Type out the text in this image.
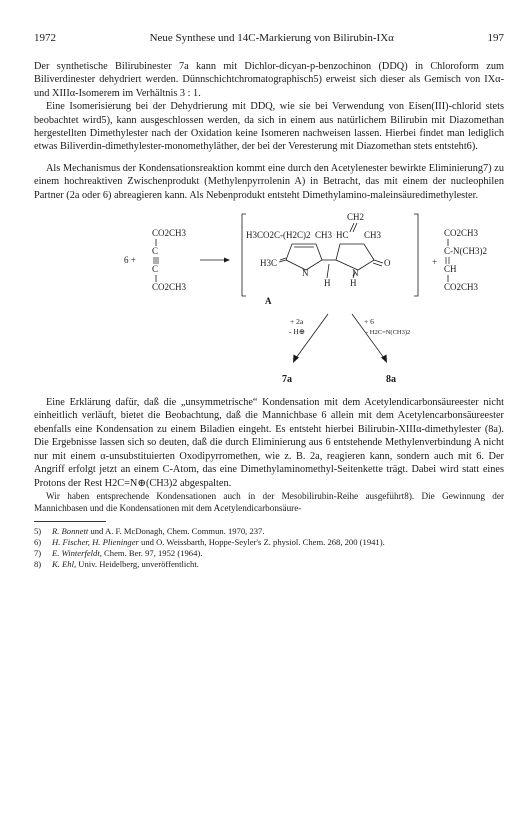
1972	Neue Synthese und 14C-Markierung von Bilirubin-IXα	197

Der synthetische Bilirubinester 7a kann mit Dichlor-dicyan-p-benzochinon (DDQ) in Chloroform zum Biliverdinester dehydriert werden. Dünnschichtchromatographisch5) erweist sich dieser als Gemisch von IXα- und XIIIα-Isomerem im Verhältnis 3 : 1.

Eine Isomerisierung bei der Dehydrierung mit DDQ, wie sie bei Verwendung von Eisen(III)-chlorid stets beobachtet wird5), kann ausgeschlossen werden, da sich in einem aus natürlichem Bilirubin mit Diazomethan hergestellten Dimethylester nach der Oxidation keine Isomeren nachweisen lassen. Hierbei findet man lediglich etwas Biliverdin-dimethylester-monomethyläther, der bei der Veresterung mit Diazomethan stets entsteht6).

Als Mechanismus der Kondensationsreaktion kommt eine durch den Acetylenester bewirkte Eliminierung7) zu einem hochreaktiven Zwischenprodukt (Methylenpyrrolenin A) in Betracht, das mit einem der nucleophilen Partner (2a oder 6) abreagieren kann. Als Nebenprodukt entsteht Dimethylamino-maleinsäuredimethylester.

CO2CH3
C
C
CO2CH3
6 +
H3CO2C-(H2C)2 CH3 HC CH3
CH2
H3C
N	N
O
H H
A
+
CO2CH3
C-N(CH3)2
CH
CO2CH3
+ 2a
- H⊕
+ 6
- H2C=N(CH3)2
7a	8a

Eine Erklärung dafür, daß die „unsymmetrische“ Kondensation mit dem Acetylendicarbonsäureester nicht einheitlich verläuft, bietet die Beobachtung, daß die Mannichbase 6 allein mit dem Acetylencarbonsäureester ebenfalls eine Kondensation zu einem Biladien eingeht. Es entsteht hierbei Bilirubin-XIIIα-dimethylester (8a). Die Ergebnisse lassen sich so deuten, daß die durch Eliminierung aus 6 entstehende Methylenverbindung A nicht nur mit einem α-unsubstituierten Oxodipyrromethen, wie z. B. 2a, reagieren kann, sondern auch mit 6. Der Angriff erfolgt jetzt an einem C-Atom, das eine Dimethylaminomethyl-Seitenkette trägt. Dabei wird statt eines Protons der Rest H2C=N⊕(CH3)2 abgespalten.

Wir haben entsprechende Kondensationen auch in der Mesobilirubin-Reihe ausgeführt8). Die Gewinnung der Mannichbasen und die Kondensationen mit dem Acetylendicarbonsäure-

5)	R. Bonnett und A. F. McDonagh, Chem. Commun. 1970, 237.
6)	H. Fischer, H. Plieninger und O. Weissbarth, Hoppe-Seyler's Z. physiol. Chem. 268, 200 (1941).
7)	E. Winterfeldt, Chem. Ber. 97, 1952 (1964).
8)	K. Ehl, Univ. Heidelberg, unveröffentlicht.
